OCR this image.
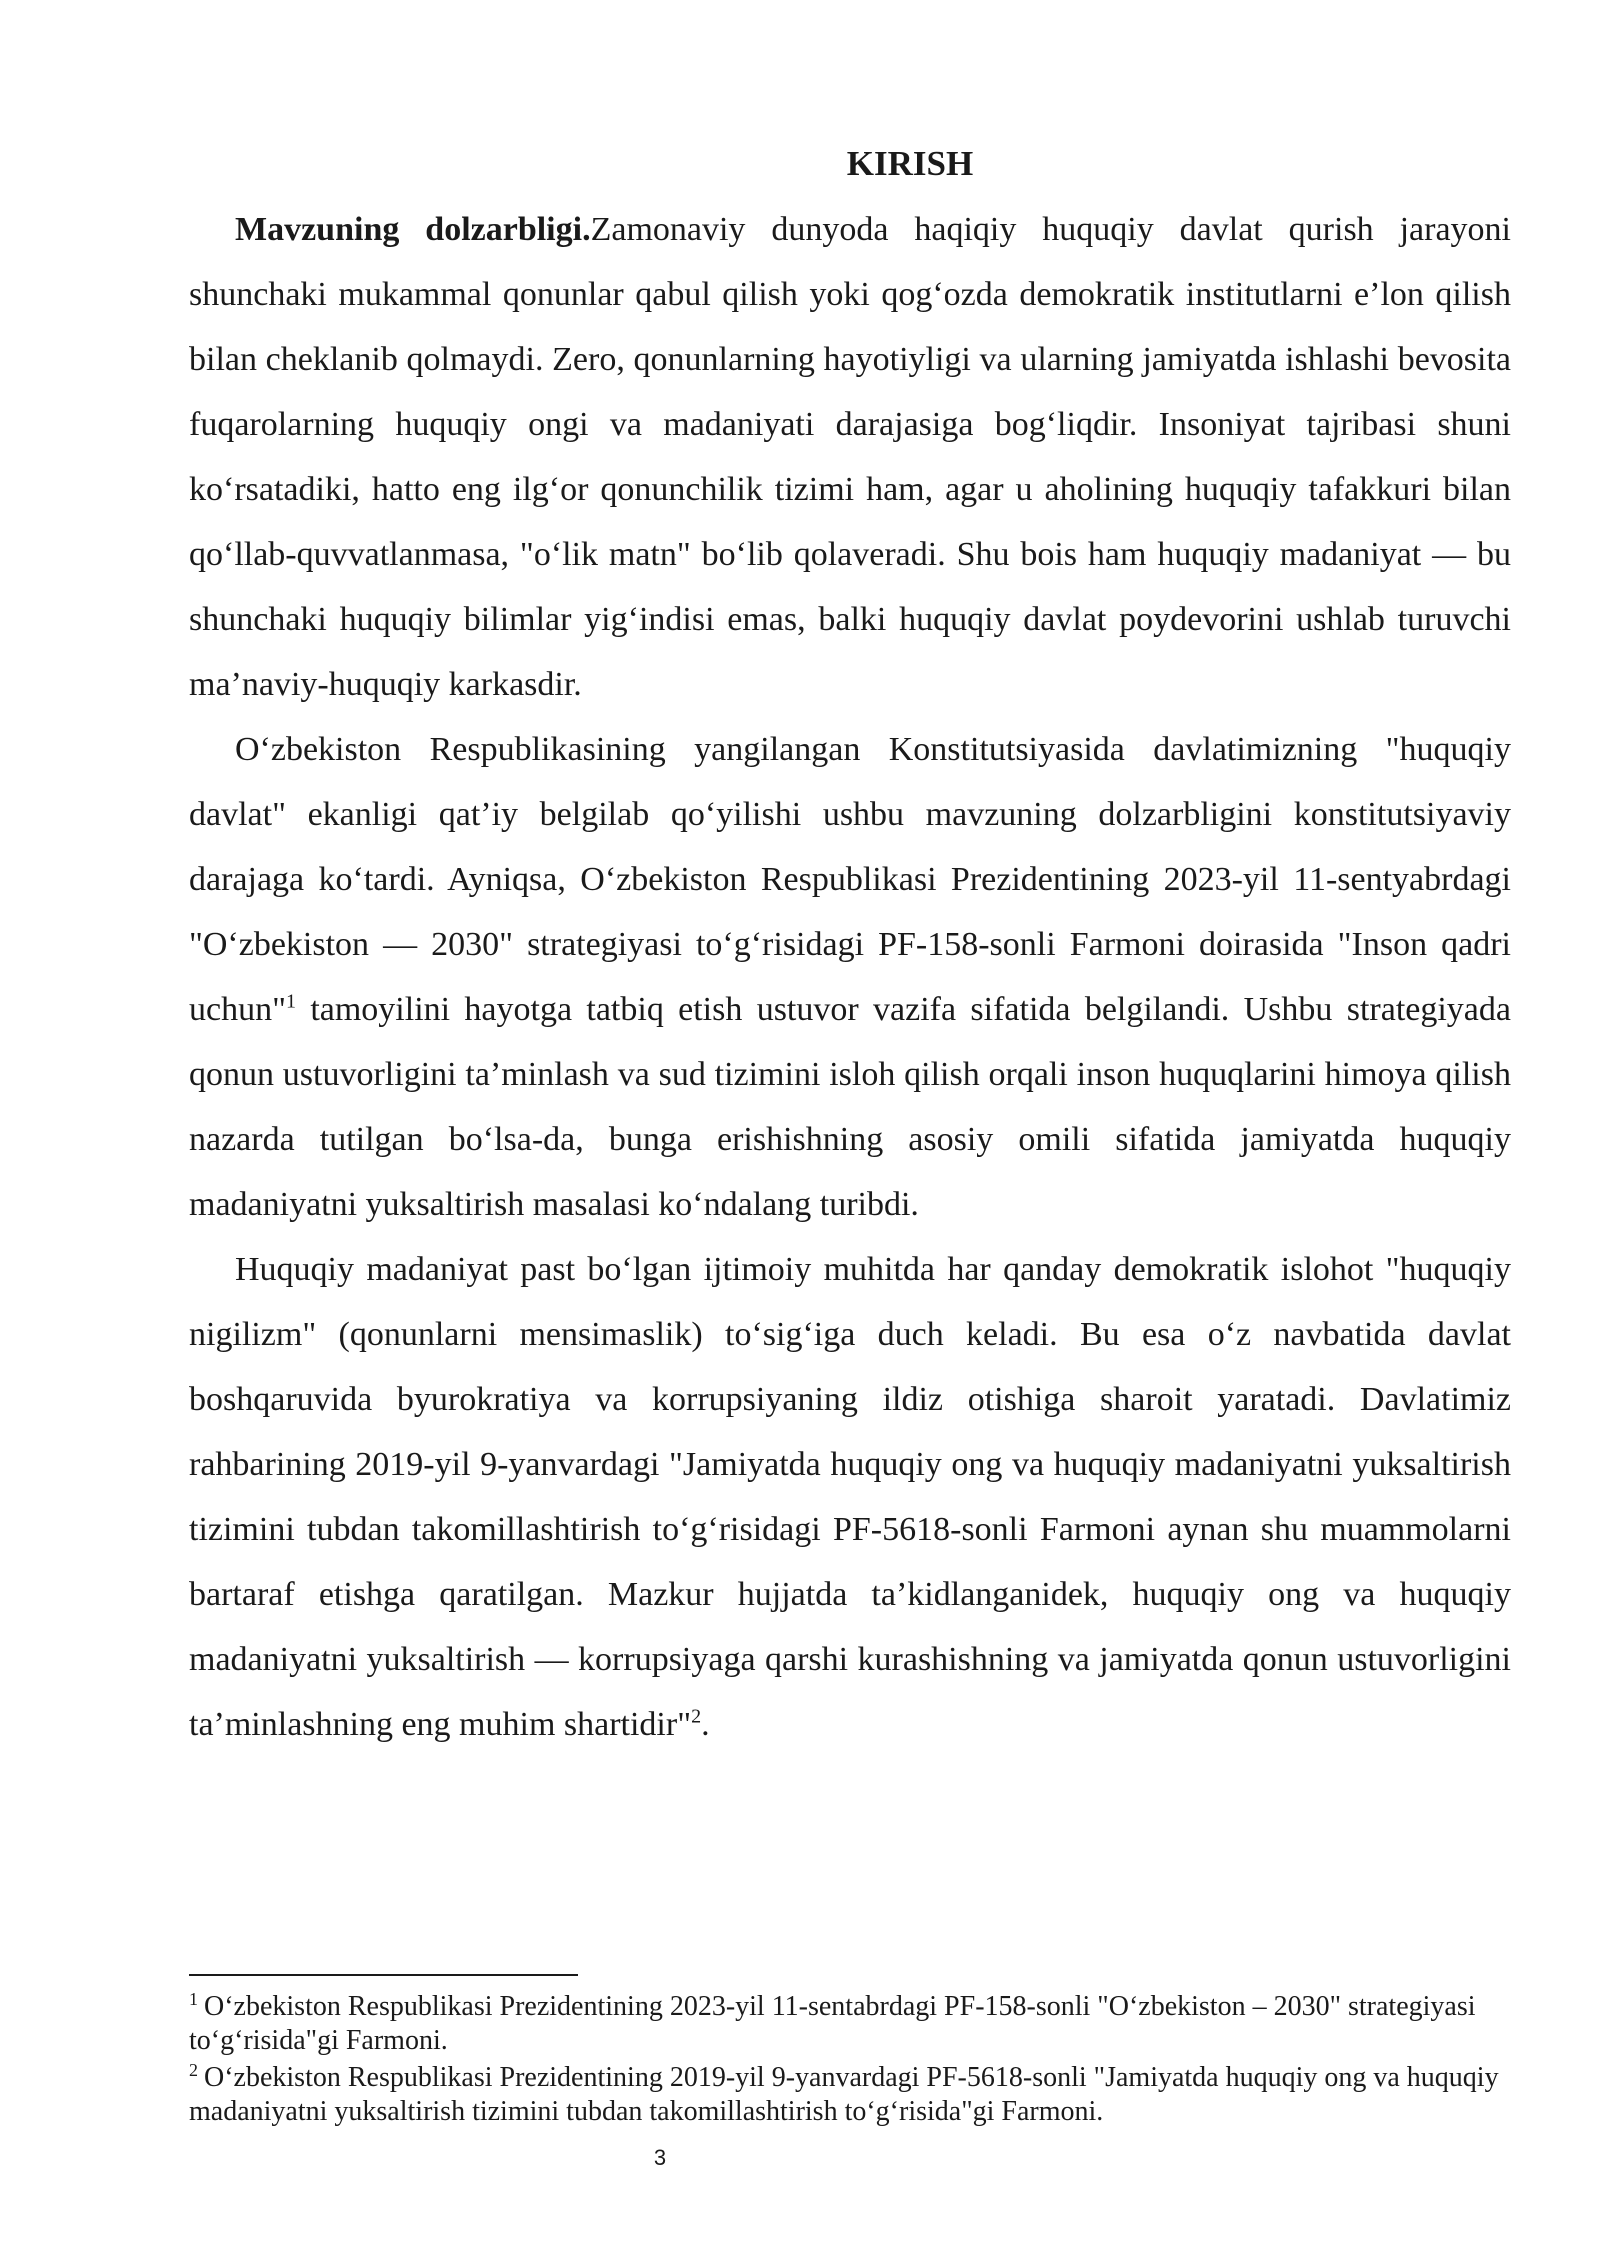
KIRISH

Mavzuning dolzarbligi.Zamonaviy dunyoda haqiqiy huquqiy davlat qurish jarayoni shunchaki mukammal qonunlar qabul qilish yoki qog‘ozda demokratik institutlarni e’lon qilish bilan cheklanib qolmaydi. Zero, qonunlarning hayotiyligi va ularning jamiyatda ishlashi bevosita fuqarolarning huquqiy ongi va madaniyati darajasiga bog‘liqdir. Insoniyat tajribasi shuni ko‘rsatadiki, hatto eng ilg‘or qonunchilik tizimi ham, agar u aholining huquqiy tafakkuri bilan qo‘llab-quvvatlanmasa, "o‘lik matn" bo‘lib qolaveradi. Shu bois ham huquqiy madaniyat — bu shunchaki huquqiy bilimlar yig‘indisi emas, balki huquqiy davlat poydevorini ushlab turuvchi ma’naviy-huquqiy karkasdir.

O‘zbekiston Respublikasining yangilangan Konstitutsiyasida davlatimizning "huquqiy davlat" ekanligi qat’iy belgilab qo‘yilishi ushbu mavzuning dolzarbligini konstitutsiyaviy darajaga ko‘tardi. Ayniqsa, O‘zbekiston Respublikasi Prezidentining 2023-yil 11-sentyabrdagi "O‘zbekiston — 2030" strategiyasi to‘g‘risidagi PF-158-sonli Farmoni doirasida "Inson qadri uchun"$^1$ tamoyilini hayotga tatbiq etish ustuvor vazifa sifatida belgilandi. Ushbu strategiyada qonun ustuvorligini ta’minlash va sud tizimini isloh qilish orqali inson huquqlarini himoya qilish nazarda tutilgan bo‘lsa-da, bunga erishishning asosiy omili sifatida jamiyatda huquqiy madaniyatni yuksaltirish masalasi ko‘ndalang turibdi.

Huquqiy madaniyat past bo‘lgan ijtimoiy muhitda har qanday demokratik islohot "huquqiy nigilizm" (qonunlarni mensimaslik) to‘sig‘iga duch keladi. Bu esa o‘z navbatida davlat boshqaruvida byurokratiya va korrupsiyaning ildiz otishiga sharoit yaratadi. Davlatimiz rahbarining 2019-yil 9-yanvardagi "Jamiyatda huquqiy ong va huquqiy madaniyatni yuksaltirish tizimini tubdan takomillashtirish to‘g‘risidagi PF-5618-sonli Farmoni aynan shu muammolarni bartaraf etishga qaratilgan. Mazkur hujjatda ta’kidlanganidek, huquqiy ong va huquqiy madaniyatni yuksaltirish — korrupsiyaga qarshi kurashishning va jamiyatda qonun ustuvorligini ta’minlashning eng muhim shartidir"$^2$.

$^1$ O‘zbekiston Respublikasi Prezidentining 2023-yil 11-sentabrdagi PF-158-sonli "O‘zbekiston – 2030" strategiyasi to‘g‘risida"gi Farmoni.

$^2$ O‘zbekiston Respublikasi Prezidentining 2019-yil 9-yanvardagi PF-5618-sonli "Jamiyatda huquqiy ong va huquqiy madaniyatni yuksaltirish tizimini tubdan takomillashtirish to‘g‘risida"gi Farmoni.

3
